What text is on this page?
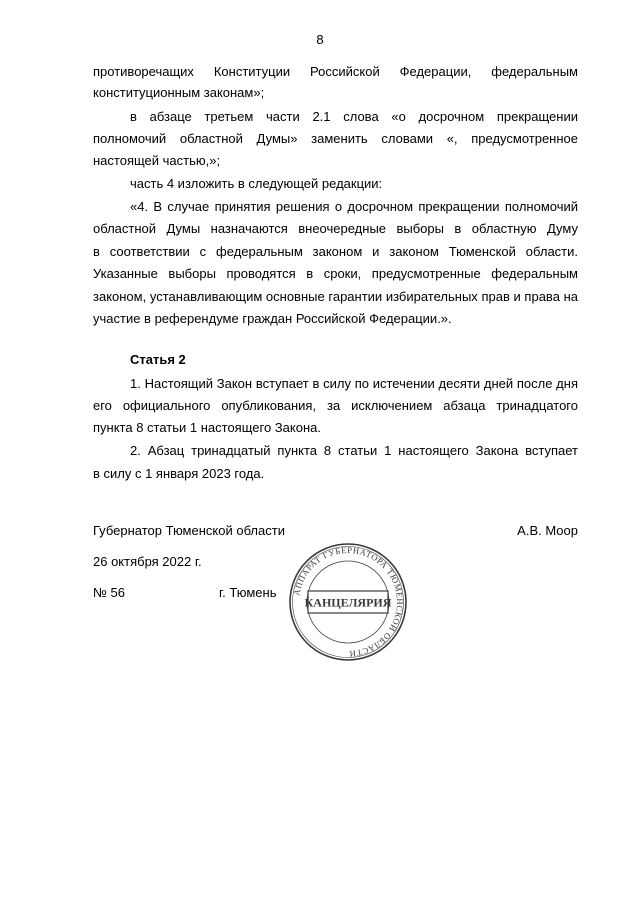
8
противоречащих Конституции Российской Федерации, федеральным
конституционным законам»;
в абзаце третьем части 2.1 слова «о досрочном прекращении
полномочий областной Думы» заменить словами «, предусмотренное
настоящей частью,»;
часть 4 изложить в следующей редакции:
«4. В случае принятия решения о досрочном прекращении полномочий
областной Думы назначаются внеочередные выборы в областную Думу
в соответствии с федеральным законом и законом Тюменской области.
Указанные выборы проводятся в сроки, предусмотренные федеральным
законом, устанавливающим основные гарантии избирательных прав и права на
участие в референдуме граждан Российской Федерации.».
Статья 2
1. Настоящий Закон вступает в силу по истечении десяти дней после дня
его официального опубликования, за исключением абзаца тринадцатого
пункта 8 статьи 1 настоящего Закона.
2. Абзац тринадцатый пункта 8 статьи 1 настоящего Закона вступает
в силу с 1 января 2023 года.
Губернатор Тюменской области	А.В. Моор
26 октября 2022 г.
№ 56	г. Тюмень АППАРАТ ГУБЕРНАТОРА ТЮМЕНСКОЙ ОБЛАСТИ
КАНЦЕЛЯРИЯ
